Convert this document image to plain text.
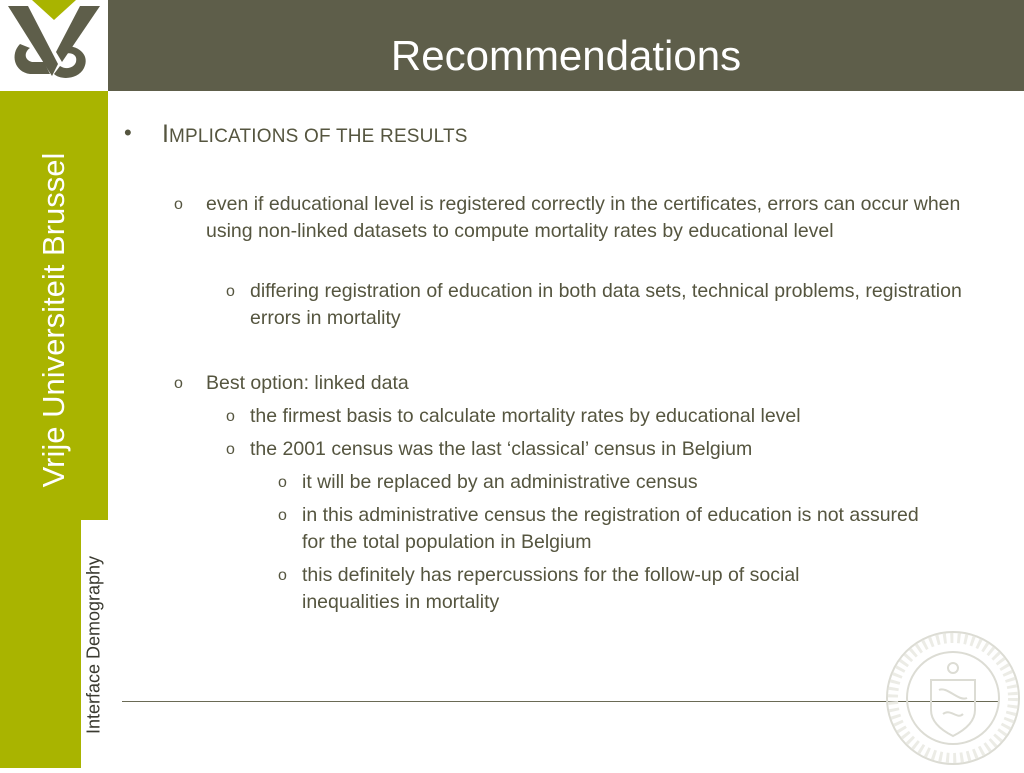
Recommendations
Vrije Universiteit Brussel
Interface Demography
• IMPLICATIONS OF THE RESULTS
o even if educational level is registered correctly in the certificates, errors can occur when using non-linked datasets to compute mortality rates by educational level
o differing registration of education in both data sets, technical problems, registration errors in mortality
o Best option: linked data
o the firmest basis to calculate mortality rates by educational level
o the 2001 census was the last ‘classical’ census in Belgium
o it will be replaced by an administrative census
o in this administrative census the registration of education is not assured for the total population in Belgium
o this definitely has repercussions for the follow-up of social inequalities in mortality
